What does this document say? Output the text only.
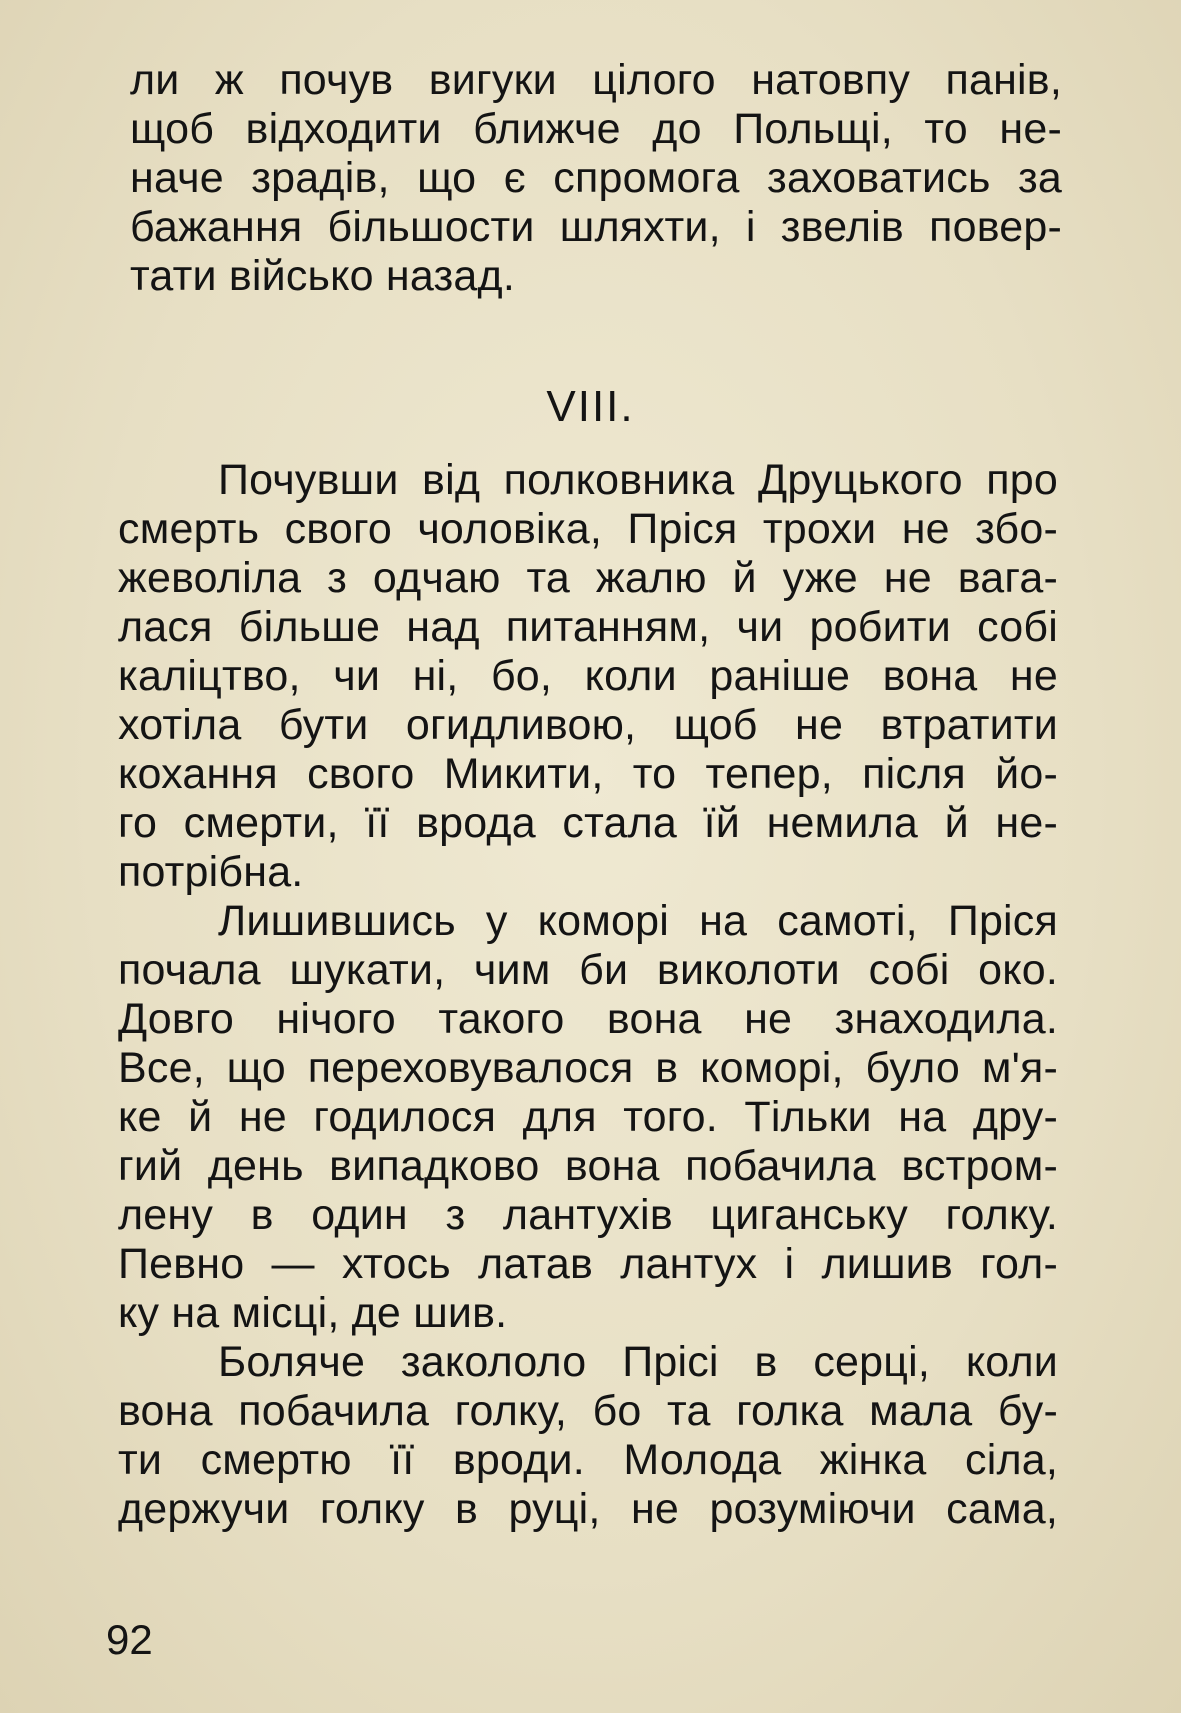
ли ж почув вигуки цілого натовпу панів,
щоб відходити ближче до Польщі, то не-
наче зрадів, що є спромога заховатись за
бажання більшости шляхти, і звелів повер-
тати військо назад.
VIII.
Почувши від полковника Друцького про
смерть свого чоловіка, Пріся трохи не збо-
жеволіла з одчаю та жалю й уже не вага-
лася більше над питанням, чи робити собі
каліцтво, чи ні, бо, коли раніше вона не
хотіла бути огидливою, щоб не втратити
кохання свого Микити, то тепер, після йо-
го смерти, її врода стала їй немила й не-
потрібна.
Лишившись у коморі на самоті, Пріся
почала шукати, чим би виколоти собі око.
Довго нічого такого вона не знаходила.
Все, що переховувалося в коморі, було м'я-
ке й не годилося для того. Тільки на дру-
гий день випадково вона побачила встром-
лену в один з лантухів циганську голку.
Певно — хтось латав лантух і лишив гол-
ку на місці, де шив.
Боляче закололо Прісі в серці, коли
вона побачила голку, бо та голка мала бу-
ти смертю її вроди. Молода жінка сіла,
держучи голку в руці, не розуміючи сама,
92
